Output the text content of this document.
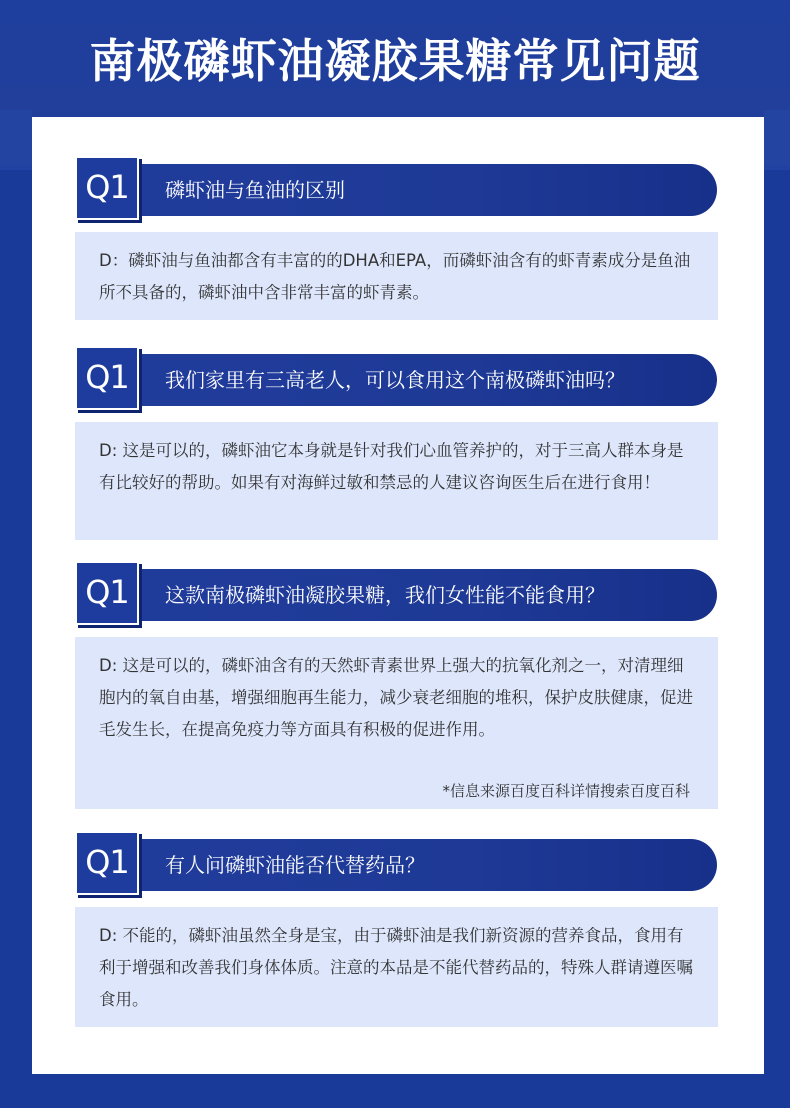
南极磷虾油凝胶果糖常见问题
磷虾油与鱼油的区别
Q1
D：磷虾油与鱼油都含有丰富的的DHA和EPA，而磷虾油含有的虾青素成分是鱼油所不具备的，磷虾油中含非常丰富的虾青素。
我们家里有三高老人，可以食用这个南极磷虾油吗？
Q1
D: 这是可以的，磷虾油它本身就是针对我们心血管养护的，对于三高人群本身是有比较好的帮助。如果有对海鲜过敏和禁忌的人建议咨询医生后在进行食用！
这款南极磷虾油凝胶果糖，我们女性能不能食用？
Q1
D: 这是可以的，磷虾油含有的天然虾青素世界上强大的抗氧化剂之一，对清理细胞内的氧自由基，增强细胞再生能力，减少衰老细胞的堆积，保护皮肤健康，促进毛发生长，在提高免疫力等方面具有积极的促进作用。
*信息来源百度百科详情搜索百度百科
有人问磷虾油能否代替药品？
Q1
D: 不能的，磷虾油虽然全身是宝，由于磷虾油是我们新资源的营养食品，食用有利于增强和改善我们身体体质。注意的本品是不能代替药品的，特殊人群请遵医嘱食用。
